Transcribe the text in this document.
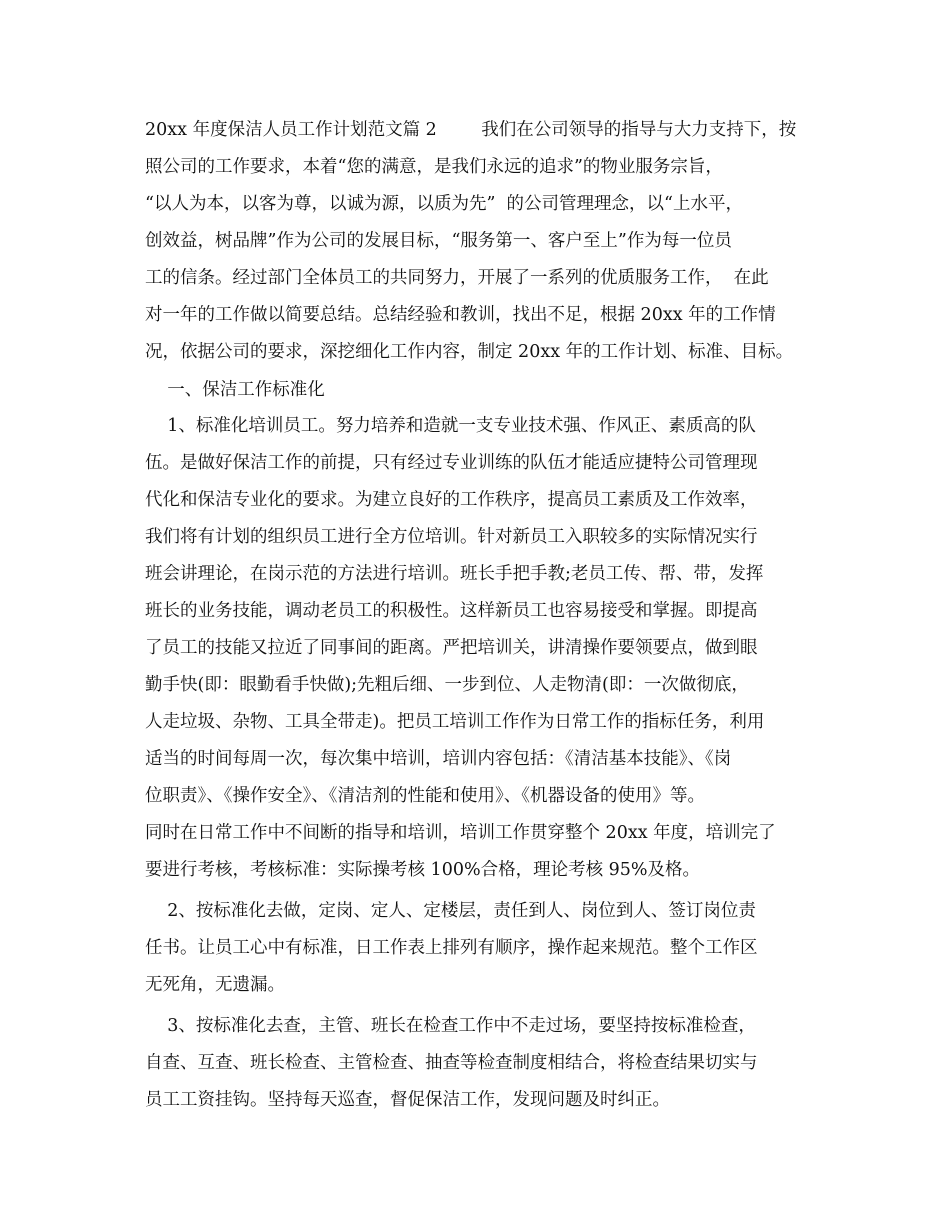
20xx 年度保洁人员工作计划范文篇 2        我们在公司领导的指导与大力支持下，按
照公司的工作要求，本着“您的满意，是我们永远的追求”的物业服务宗旨，
“以人为本，以客为尊，以诚为源，以质为先”  的公司管理理念，以“上水平，
创效益，树品牌”作为公司的发展目标，“服务第一、客户至上”作为每一位员
工的信条。经过部门全体员工的共同努力，开展了一系列的优质服务工作，  在此
对一年的工作做以简要总结。总结经验和教训，找出不足，根据 20xx 年的工作情
况，依据公司的要求，深挖细化工作内容，制定 20xx 年的工作计划、标准、目标。
一、保洁工作标准化
1、标准化培训员工。努力培养和造就一支专业技术强、作风正、素质高的队
伍。是做好保洁工作的前提，只有经过专业训练的队伍才能适应捷特公司管理现
代化和保洁专业化的要求。为建立良好的工作秩序，提高员工素质及工作效率，
我们将有计划的组织员工进行全方位培训。针对新员工入职较多的实际情况实行
班会讲理论，在岗示范的方法进行培训。班长手把手教;老员工传、帮、带，发挥
班长的业务技能，调动老员工的积极性。这样新员工也容易接受和掌握。即提高
了员工的技能又拉近了同事间的距离。严把培训关，讲清操作要领要点，做到眼
勤手快(即：眼勤看手快做);先粗后细、一步到位、人走物清(即：一次做彻底，
人走垃圾、杂物、工具全带走)。把员工培训工作作为日常工作的指标任务，利用
适当的时间每周一次，每次集中培训，培训内容包括：《清洁基本技能》、《岗
位职责》、《操作安全》、《清洁剂的性能和使用》、《机器设备的使用》等。
同时在日常工作中不间断的指导和培训，培训工作贯穿整个 20xx 年度，培训完了
要进行考核，考核标准：实际操考核 100%合格，理论考核 95%及格。
2、按标准化去做，定岗、定人、定楼层，责任到人、岗位到人、签订岗位责
任书。让员工心中有标准，日工作表上排列有顺序，操作起来规范。整个工作区
无死角，无遗漏。
3、按标准化去查，主管、班长在检查工作中不走过场，要坚持按标准检查，
自查、互查、班长检查、主管检查、抽查等检查制度相结合，将检查结果切实与
员工工资挂钩。坚持每天巡查，督促保洁工作，发现问题及时纠正。
